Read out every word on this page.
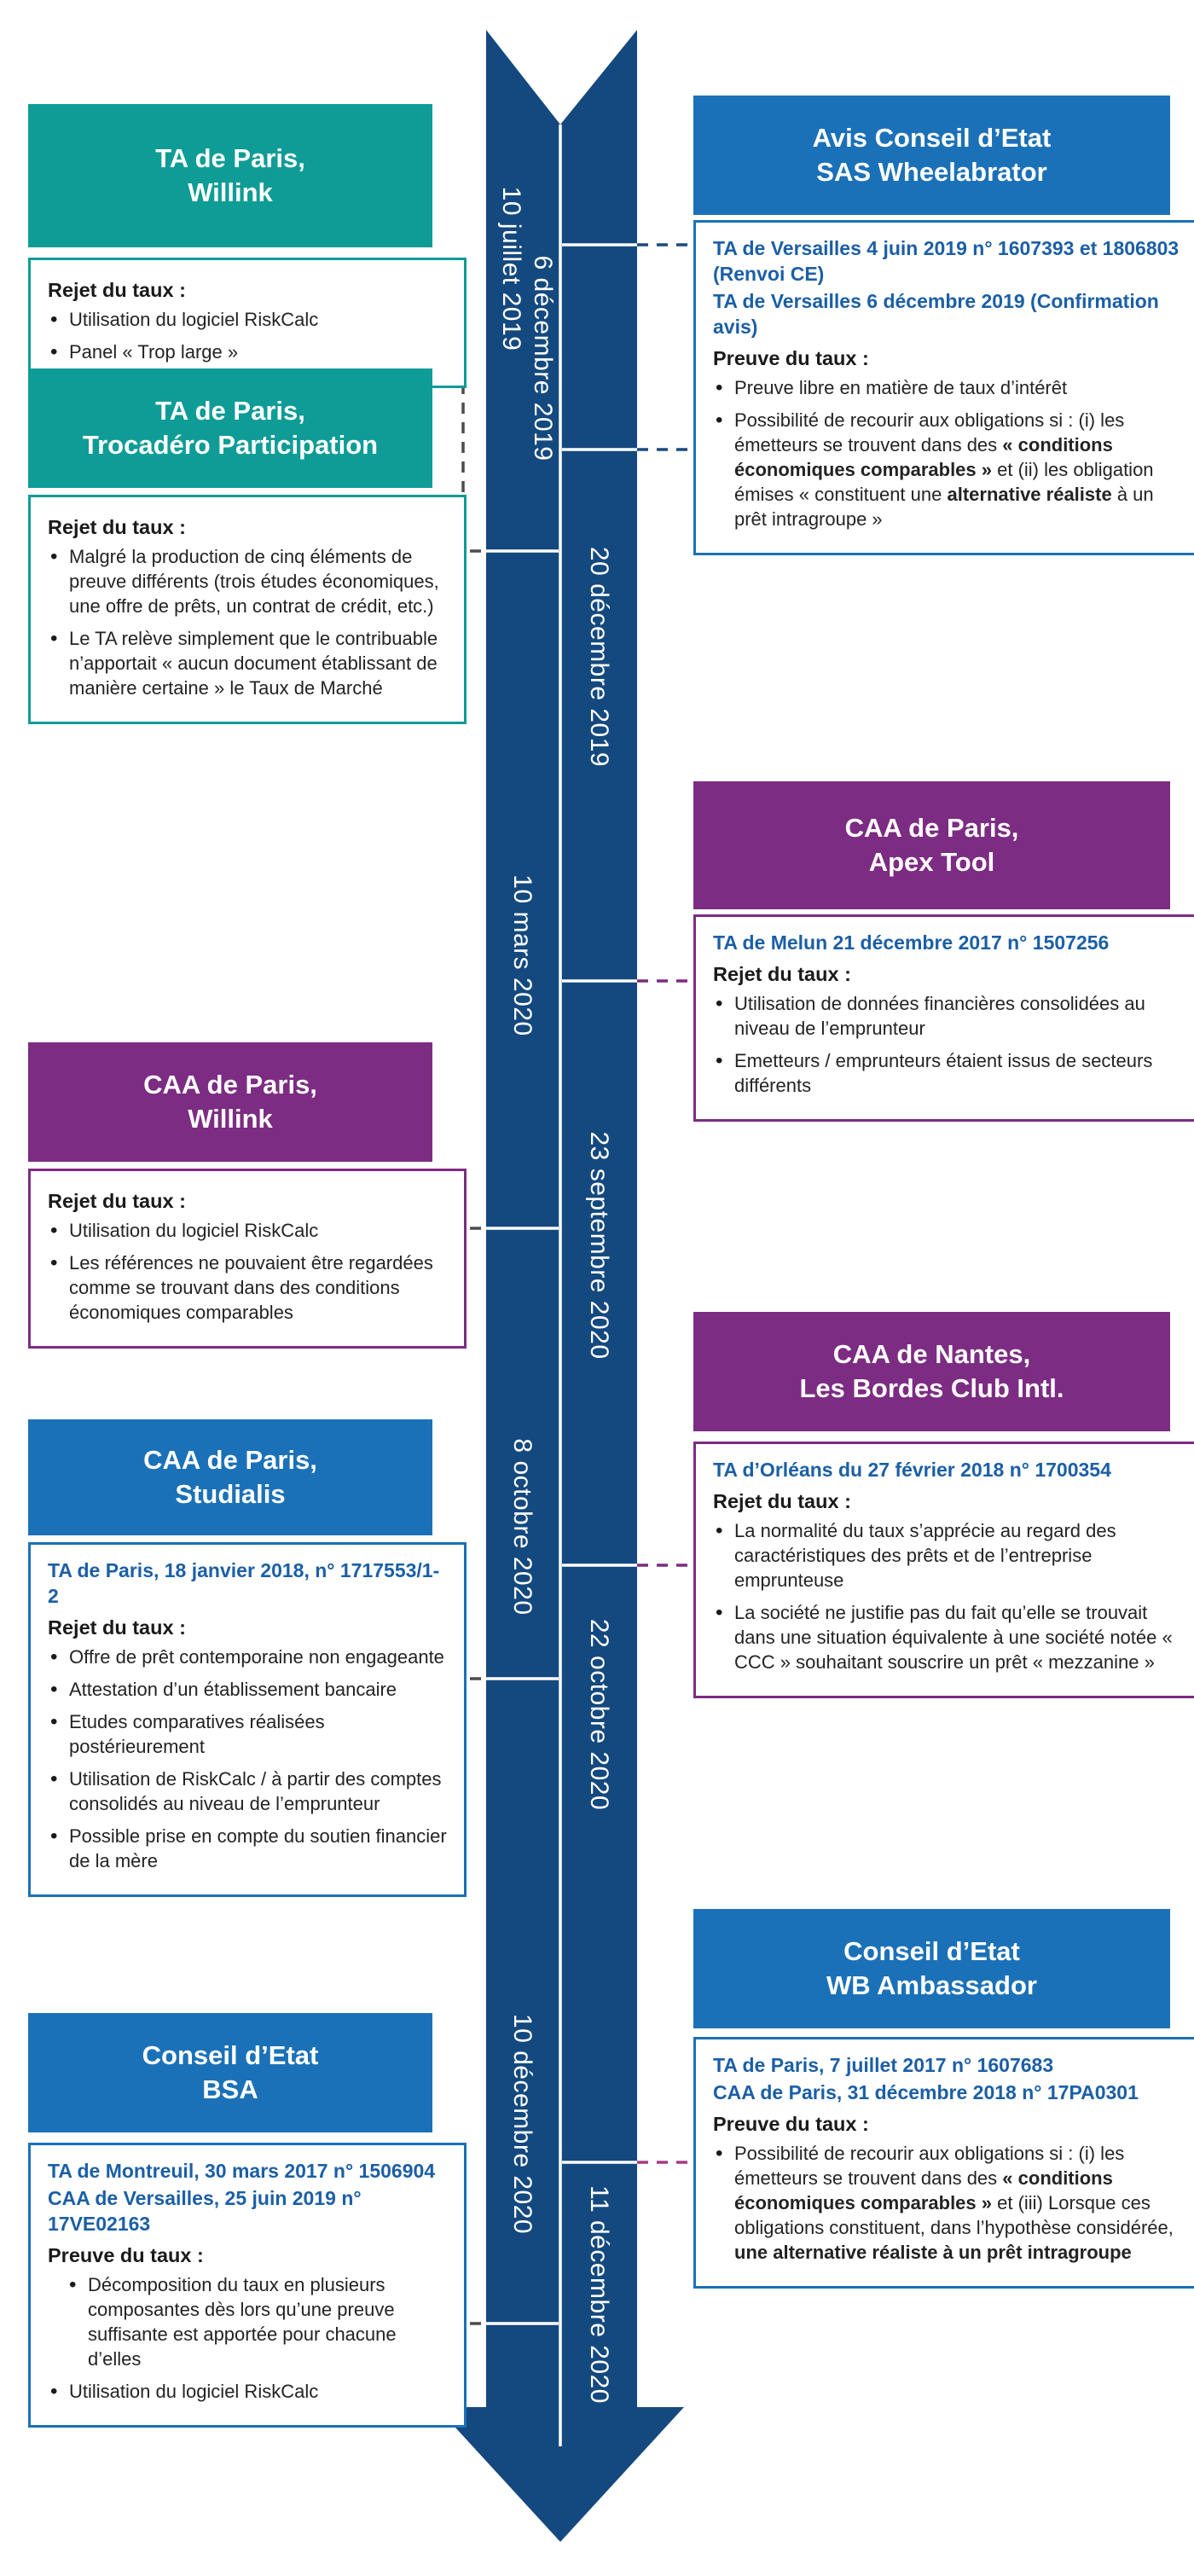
10 juillet 2019 6 décembre 2019
10 mars 2020
8 octobre 2020
10 décembre 2020
20 décembre 2019
23 septembre 2020
22 octobre 2020
11 décembre 2020
TA de Paris,
Willink
Rejet du taux :
• Utilisation du logiciel RiskCalc
• Panel « Trop large »
TA de Paris,
Trocadéro Participation
Rejet du taux :
• Malgré la production de cinq éléments de preuve différents (trois études économiques, une offre de prêts, un contrat de crédit, etc.)
• Le TA relève simplement que le contribuable n’apportait « aucun document établissant de manière certaine » le Taux de Marché
CAA de Paris,
Willink
Rejet du taux :
• Utilisation du logiciel RiskCalc
• Les références ne pouvaient être regardées comme se trouvant dans des conditions économiques comparables
CAA de Paris,
Studialis
TA de Paris, 18 janvier 2018, n° 1717553/1-2
Rejet du taux :
• Offre de prêt contemporaine non engageante
• Attestation d’un établissement bancaire
• Etudes comparatives réalisées postérieurement
• Utilisation de RiskCalc / à partir des comptes consolidés au niveau de l’emprunteur
• Possible prise en compte du soutien financier de la mère
Conseil d’Etat
BSA
TA de Montreuil, 30 mars 2017 n° 1506904
CAA de Versailles, 25 juin 2019 n° 17VE02163
Preuve du taux :
• Décomposition du taux en plusieurs composantes dès lors qu’une preuve suffisante est apportée pour chacune d’elles
• Utilisation du logiciel RiskCalc
Avis Conseil d’Etat
SAS Wheelabrator
TA de Versailles 4 juin 2019 n° 1607393 et 1806803 (Renvoi CE)
TA de Versailles 6 décembre 2019 (Confirmation avis)
Preuve du taux :
• Preuve libre en matière de taux d’intérêt
• Possibilité de recourir aux obligations si : (i) les émetteurs se trouvent dans des « conditions économiques comparables » et (ii) les obligation émises « constituent une alternative réaliste à un prêt intragroupe »
CAA de Paris,
Apex Tool
TA de Melun 21 décembre 2017 n° 1507256
Rejet du taux :
• Utilisation de données financières consolidées au niveau de l’emprunteur
• Emetteurs / emprunteurs étaient issus de secteurs différents
CAA de Nantes,
Les Bordes Club Intl.
TA d’Orléans du 27 février 2018 n° 1700354
Rejet du taux :
• La normalité du taux s’apprécie au regard des caractéristiques des prêts et de l’entreprise emprunteuse
• La société ne justifie pas du fait qu’elle se trouvait dans une situation équivalente à une société notée « CCC » souhaitant souscrire un prêt « mezzanine »
Conseil d’Etat
WB Ambassador
TA de Paris, 7 juillet 2017 n° 1607683
CAA de Paris, 31 décembre 2018 n° 17PA0301
Preuve du taux :
• Possibilité de recourir aux obligations si : (i) les émetteurs se trouvent dans des « conditions économiques comparables » et (iii) Lorsque ces obligations constituent, dans l’hypothèse considérée, une alternative réaliste à un prêt intragroupe
